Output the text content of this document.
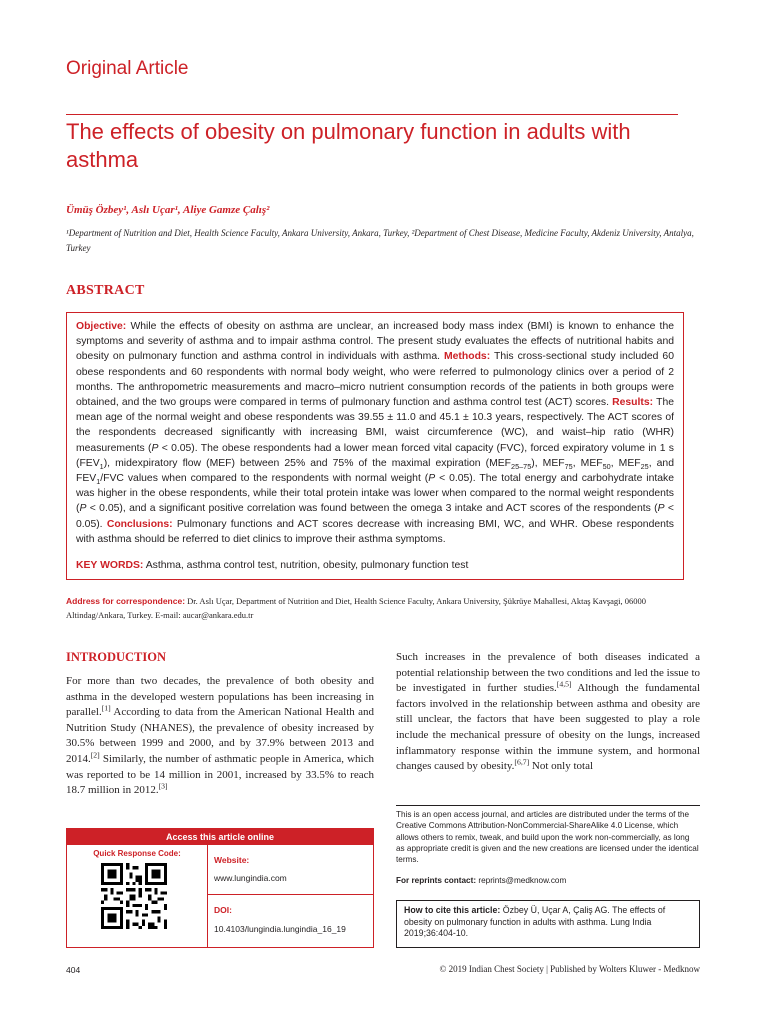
Original Article
The effects of obesity on pulmonary function in adults with asthma
Ümüş Özbey¹, Aslı Uçar¹, Aliye Gamze Çalış²
¹Department of Nutrition and Diet, Health Science Faculty, Ankara University, Ankara, Turkey, ²Department of Chest Disease, Medicine Faculty, Akdeniz University, Antalya, Turkey
ABSTRACT
Objective: While the effects of obesity on asthma are unclear, an increased body mass index (BMI) is known to enhance the symptoms and severity of asthma and to impair asthma control. The present study evaluates the effects of nutritional habits and obesity on pulmonary function and asthma control in individuals with asthma. Methods: This cross-sectional study included 60 obese respondents and 60 respondents with normal body weight, who were referred to pulmonology clinics over a period of 2 months. The anthropometric measurements and macro–micro nutrient consumption records of the patients in both groups were obtained, and the two groups were compared in terms of pulmonary function and asthma control test (ACT) scores. Results: The mean age of the normal weight and obese respondents was 39.55 ± 11.0 and 45.1 ± 10.3 years, respectively. The ACT scores of the respondents decreased significantly with increasing BMI, waist circumference (WC), and waist–hip ratio (WHR) measurements (P < 0.05). The obese respondents had a lower mean forced vital capacity (FVC), forced expiratory volume in 1 s $(FEV_1)$, midexpiratory flow (MEF) between 25% and 75% of the maximal expiration $(MEF_{25-75})$, $MEF_{75}$, $MEF_{50}$, $MEF_{25}$, and $FEV_1$/FVC values when compared to the respondents with normal weight (P < 0.05). The total energy and carbohydrate intake was higher in the obese respondents, while their total protein intake was lower when compared to the normal weight respondents (P < 0.05), and a significant positive correlation was found between the omega 3 intake and ACT scores of the respondents (P < 0.05). Conclusions: Pulmonary functions and ACT scores decrease with increasing BMI, WC, and WHR. Obese respondents with asthma should be referred to diet clinics to improve their asthma symptoms.
KEY WORDS: Asthma, asthma control test, nutrition, obesity, pulmonary function test
Address for correspondence: Dr. Aslı Uçar, Department of Nutrition and Diet, Health Science Faculty, Ankara University, Şükrüye Mahallesi, Aktaş Kavşagi, 06000 Altindag/Ankara, Turkey. E-mail: aucar@ankara.edu.tr
INTRODUCTION
For more than two decades, the prevalence of both obesity and asthma in the developed western populations has been increasing in parallel.[1] According to data from the American National Health and Nutrition Study (NHANES), the prevalence of obesity increased by 30.5% between 1999 and 2000, and by 37.9% between 2013 and 2014.[2] Similarly, the number of asthmatic people in America, which was reported to be 14 million in 2001, increased by 33.5% to reach 18.7 million in 2012.[3]
Access this article online
Quick Response Code:
Website:
www.lungindia.com
DOI:
10.4103/lungindia.lungindia_16_19
Such increases in the prevalence of both diseases indicated a potential relationship between the two conditions and led the issue to be investigated in further studies.[4,5] Although the fundamental factors involved in the relationship between asthma and obesity are still unclear, the factors that have been suggested to play a role include the mechanical pressure of obesity on the lungs, increased inflammatory response within the immune system, and hormonal changes caused by obesity.[6,7] Not only total
This is an open access journal, and articles are distributed under the terms of the Creative Commons Attribution-NonCommercial-ShareAlike 4.0 License, which allows others to remix, tweak, and build upon the work non-commercially, as long as appropriate credit is given and the new creations are licensed under the identical terms.
For reprints contact: reprints@medknow.com
How to cite this article: Özbey Ü, Uçar A, Çaliş AG. The effects of obesity on pulmonary function in adults with asthma. Lung India 2019;36:404-10.
404	© 2019 Indian Chest Society | Published by Wolters Kluwer - Medknow
